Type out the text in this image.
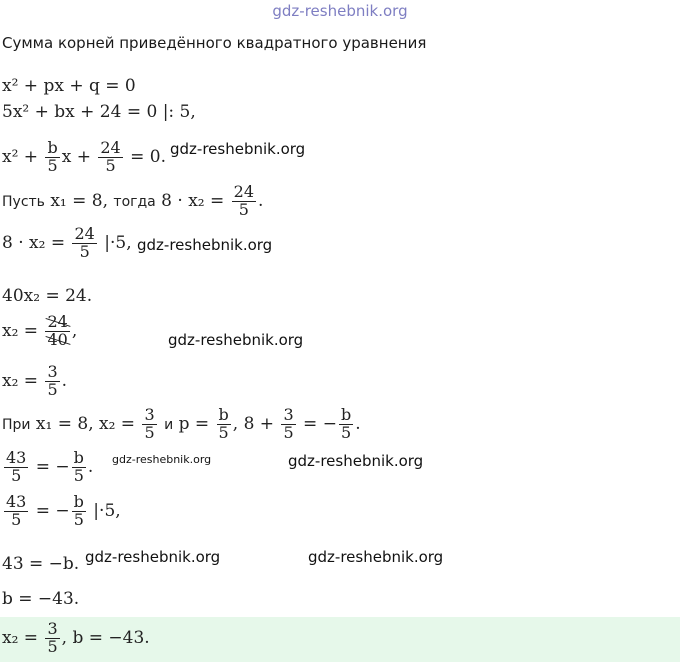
gdz-reshebnik.org
Сумма корней приведённого квадратного уравнения
x² + px + q = 0
5x² + bx + 24 = 0 |: 5,
$x^2 + \frac{b}{5}$ $x + \frac{24}{5} = 0$.
Пусть x₁ = 8, тогда $8 \cdot x_2 = \frac{24}{5}$ .
$8 \cdot x_2 = \frac{24}{5} |\cdot 5$,
40x₂ = 24.
$x_2 = \frac{24}{40}$ ,
$x_2 = \frac{3}{5}$ .
При x₁ = 8, $x_2 = \frac{3}{5}$ и $p = \frac{b}{5}$ , $8 + \frac{3}{5}$ = − $\frac{b}{5}$ .
$\frac{43}{5}$ = − $\frac{b}{5}$ .
$\frac{43}{5}$ = − $\frac{b}{5} |\cdot 5$,
43 = −b.
b = −43.
$x_2 = \frac{3}{5}$ , b = −43.
gdz-reshebnik.org
gdz-reshebnik.org
gdz-reshebnik.org
gdz-reshebnik.org	gdz-reshebnik.org
gdz-reshebnik.org	gdz-reshebnik.org
